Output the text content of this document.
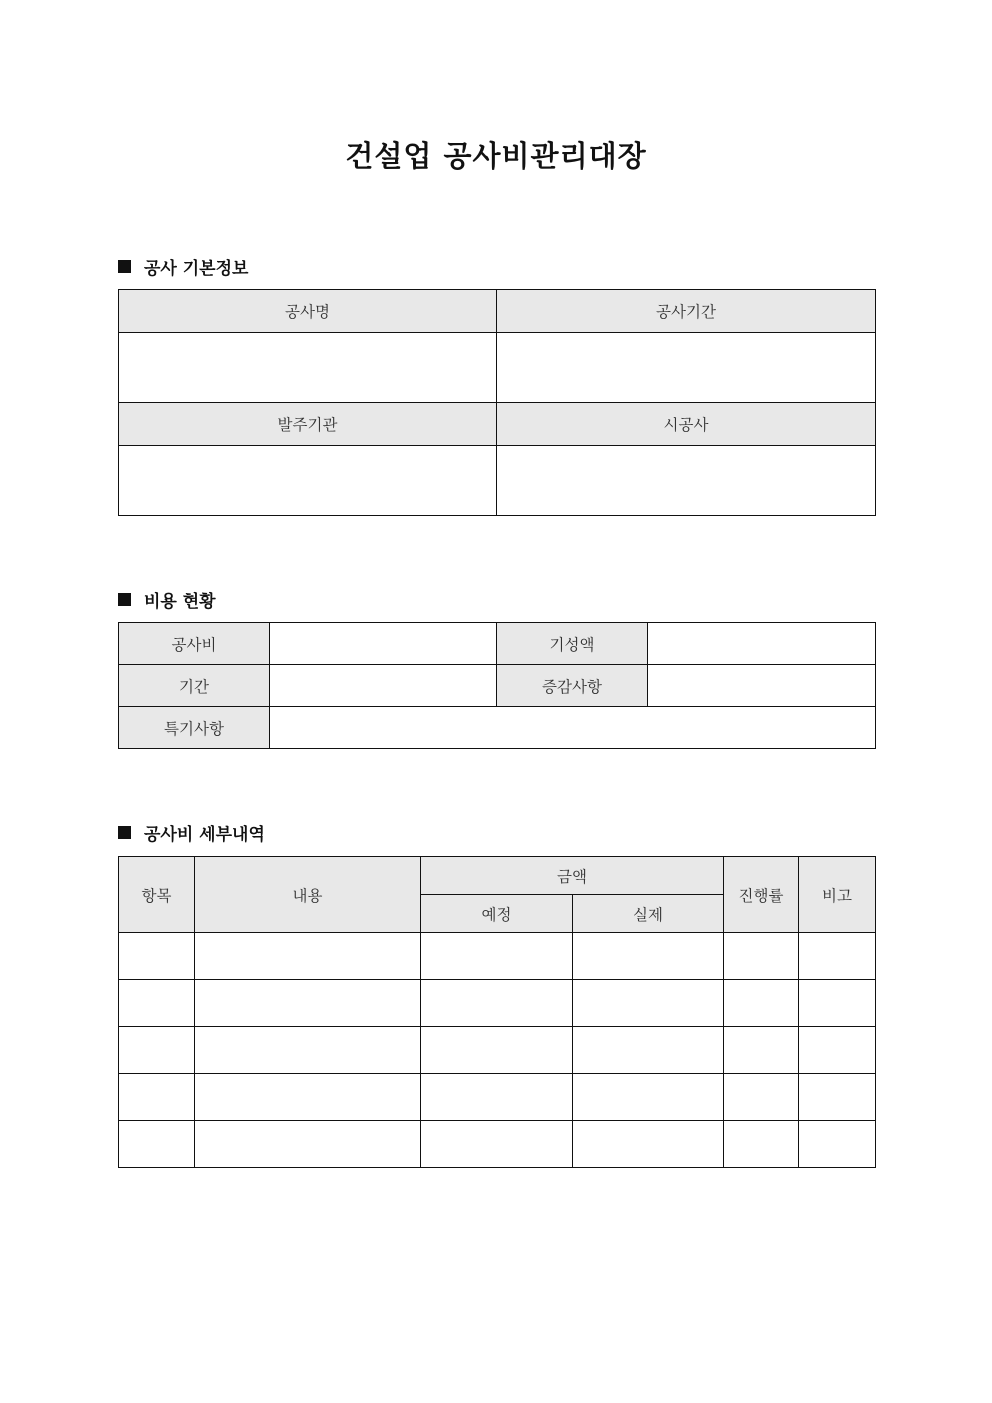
건설업 공사비관리대장
공사 기본정보
공사명	공사기간

발주기관	시공사

비용 현황
공사비		기성액	
기간		증감사항	
특기사항			
공사비 세부내역
항목	내용	금액		진행률	비고
		예정	실제		
